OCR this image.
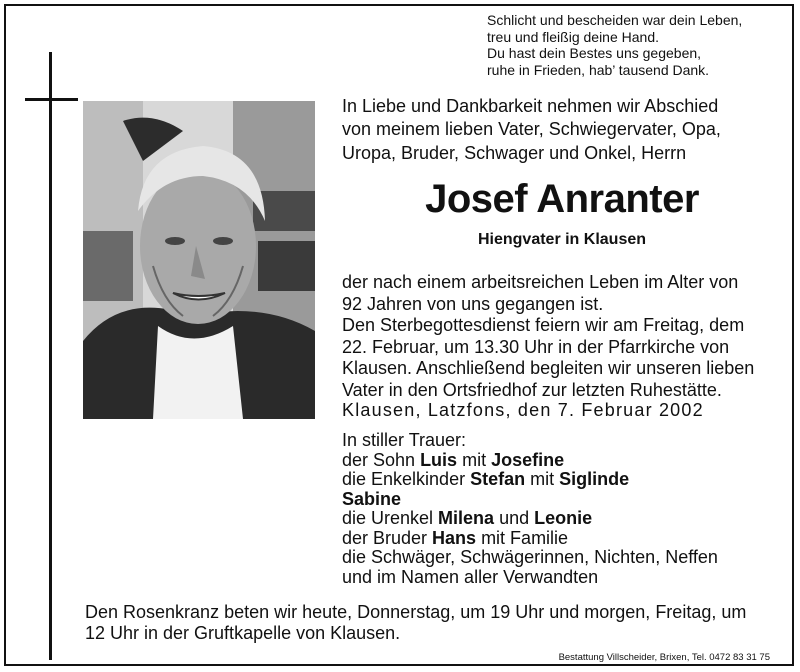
Schlicht und bescheiden war dein Leben,
treu und fleißig deine Hand.
Du hast dein Bestes uns gegeben,
ruhe in Frieden, hab’ tausend Dank.
In Liebe und Dankbarkeit nehmen wir Abschied
von meinem lieben Vater, Schwiegervater, Opa,
Uropa, Bruder, Schwager und Onkel, Herrn
Josef Anranter
Hiengvater in Klausen
der nach einem arbeitsreichen Leben im Alter von
92 Jahren von uns gegangen ist.
Den Sterbegottesdienst feiern wir am Freitag, dem
22. Februar, um 13.30 Uhr in der Pfarrkirche von
Klausen. Anschließend begleiten wir unseren lieben
Vater in den Ortsfriedhof zur letzten Ruhestätte.
Klausen, Latzfons, den 7. Februar 2002
In stiller Trauer:
der Sohn Luis mit Josefine
die Enkelkinder Stefan mit Siglinde
Sabine
die Urenkel Milena und Leonie
der Bruder Hans mit Familie
die Schwäger, Schwägerinnen, Nichten, Neffen
und im Namen aller Verwandten
Den Rosenkranz beten wir heute, Donnerstag, um 19 Uhr und morgen, Freitag, um
12 Uhr in der Gruftkapelle von Klausen.
Bestattung Villscheider, Brixen, Tel. 0472 83 31 75
